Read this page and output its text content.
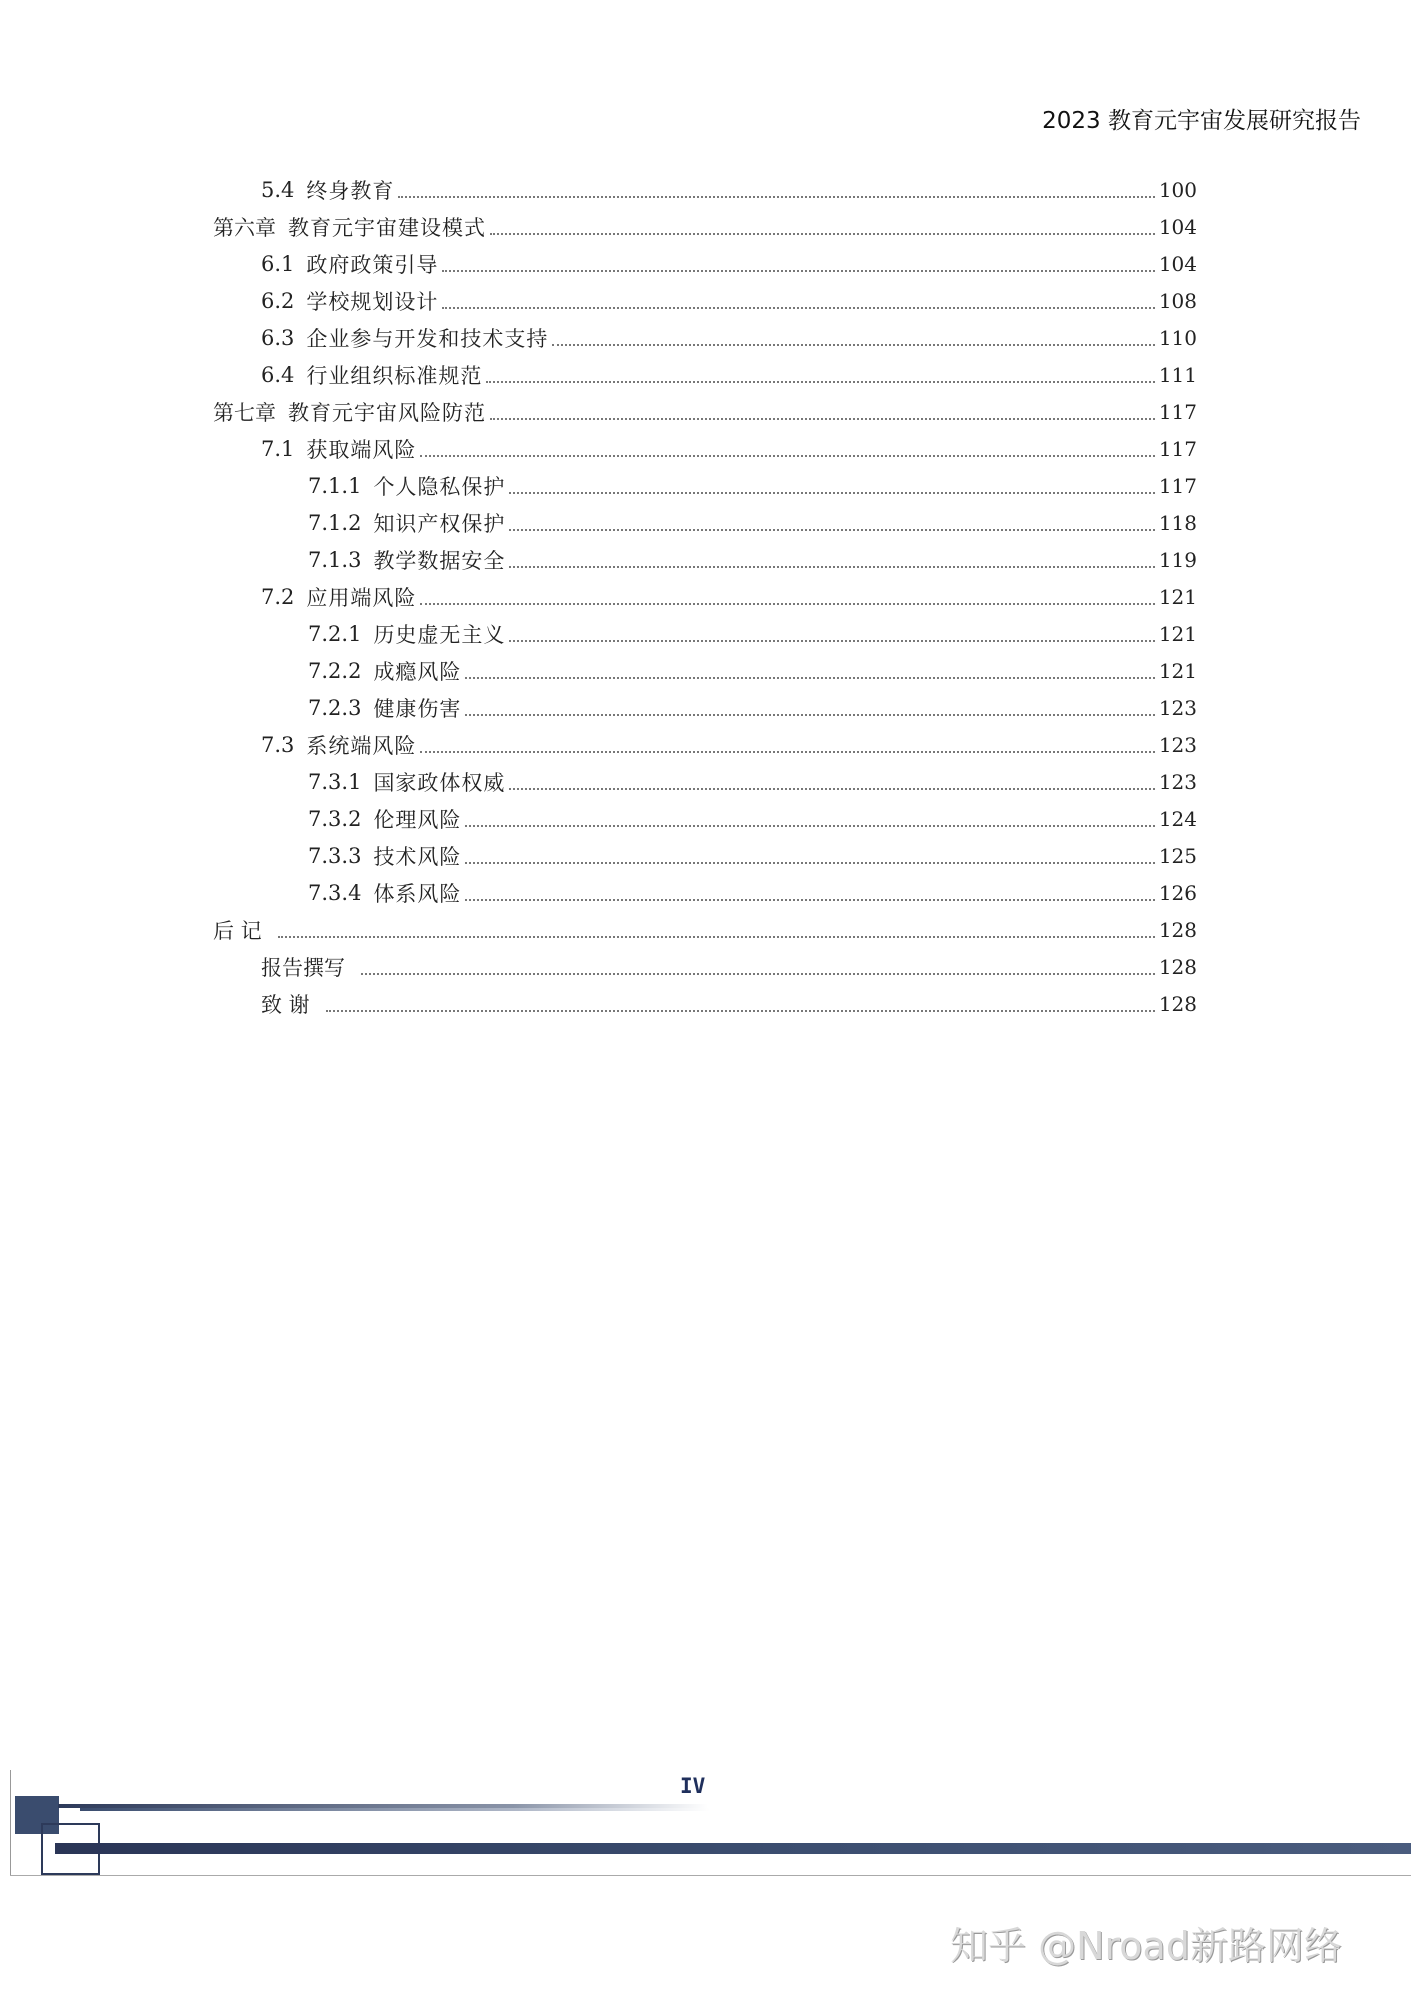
2023 教育元宇宙发展研究报告
5.4 终身教育	100
第六章 教育元宇宙建设模式	104
6.1 政府政策引导	104
6.2 学校规划设计	108
6.3 企业参与开发和技术支持	110
6.4 行业组织标准规范	111
第七章 教育元宇宙风险防范	117
7.1 获取端风险	117
7.1.1 个人隐私保护	117
7.1.2 知识产权保护	118
7.1.3 教学数据安全	119
7.2 应用端风险	121
7.2.1 历史虚无主义	121
7.2.2 成瘾风险	121
7.2.3 健康伤害	123
7.3 系统端风险	123
7.3.1 国家政体权威	123
7.3.2 伦理风险	124
7.3.3 技术风险	125
7.3.4 体系风险	126
后 记	128
报告撰写	128
致 谢	128
IV
知乎 @Nroad新路网络
